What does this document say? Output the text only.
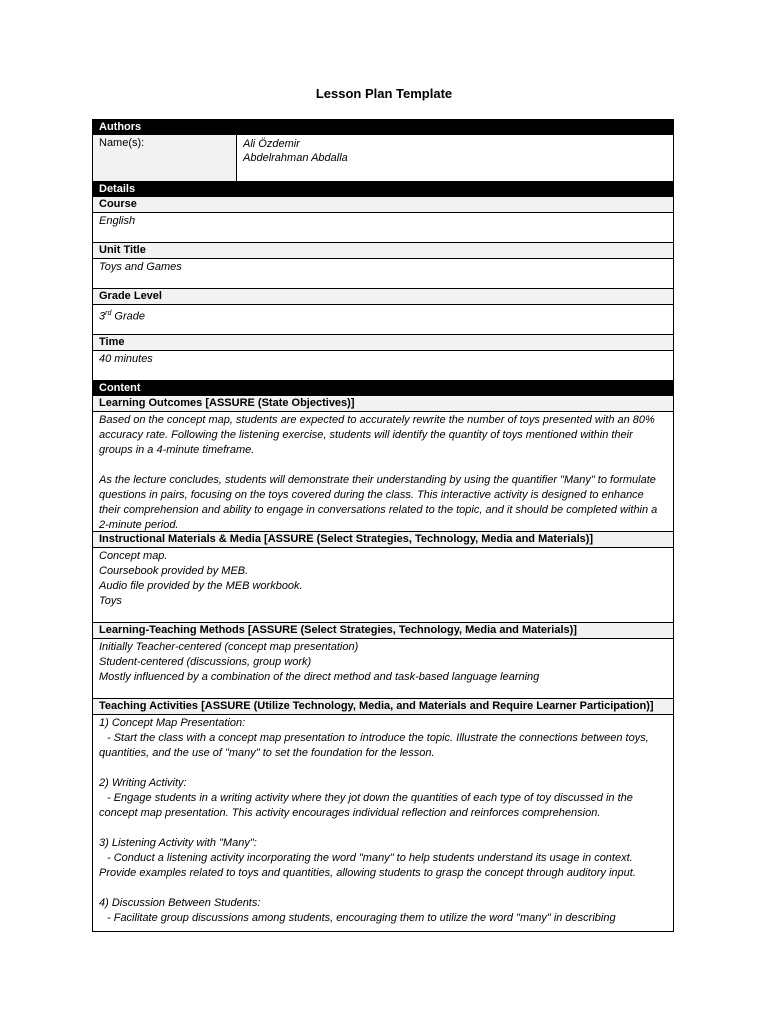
Lesson Plan Template
Authors
Name(s):	Ali Özdemir
Abdelrahman Abdalla
Details
Course
English
Unit Title
Toys and Games
Grade Level
3rd Grade
Time
40 minutes
Content
Learning Outcomes [ASSURE (State Objectives)]

Based on the concept map, students are expected to accurately rewrite the number of toys presented with an 80% accuracy rate. Following the listening exercise, students will identify the quantity of toys mentioned within their groups in a 4-minute timeframe.

As the lecture concludes, students will demonstrate their understanding by using the quantifier "Many" to formulate questions in pairs, focusing on the toys covered during the class. This interactive activity is designed to enhance their comprehension and ability to engage in conversations related to the topic, and it should be completed within a 2-minute period.

Instructional Materials & Media [ASSURE (Select Strategies, Technology, Media and Materials)]
Concept map.
Coursebook provided by MEB.
Audio file provided by the MEB workbook.
Toys
Learning-Teaching Methods [ASSURE (Select Strategies, Technology, Media and Materials)]
Initially Teacher-centered (concept map presentation)
Student-centered (discussions, group work)
Mostly influenced by a combination of the direct method and task-based language learning
Teaching Activities [ASSURE (Utilize Technology, Media, and Materials and Require Learner Participation)]
1) Concept Map Presentation:
- Start the class with a concept map presentation to introduce the topic. Illustrate the connections between toys, quantities, and the use of "many" to set the foundation for the lesson.
2) Writing Activity:
- Engage students in a writing activity where they jot down the quantities of each type of toy discussed in the concept map presentation. This activity encourages individual reflection and reinforces comprehension.
3) Listening Activity with "Many":
- Conduct a listening activity incorporating the word "many" to help students understand its usage in context. Provide examples related to toys and quantities, allowing students to grasp the concept through auditory input.
4) Discussion Between Students:
- Facilitate group discussions among students, encouraging them to utilize the word "many" in describing
